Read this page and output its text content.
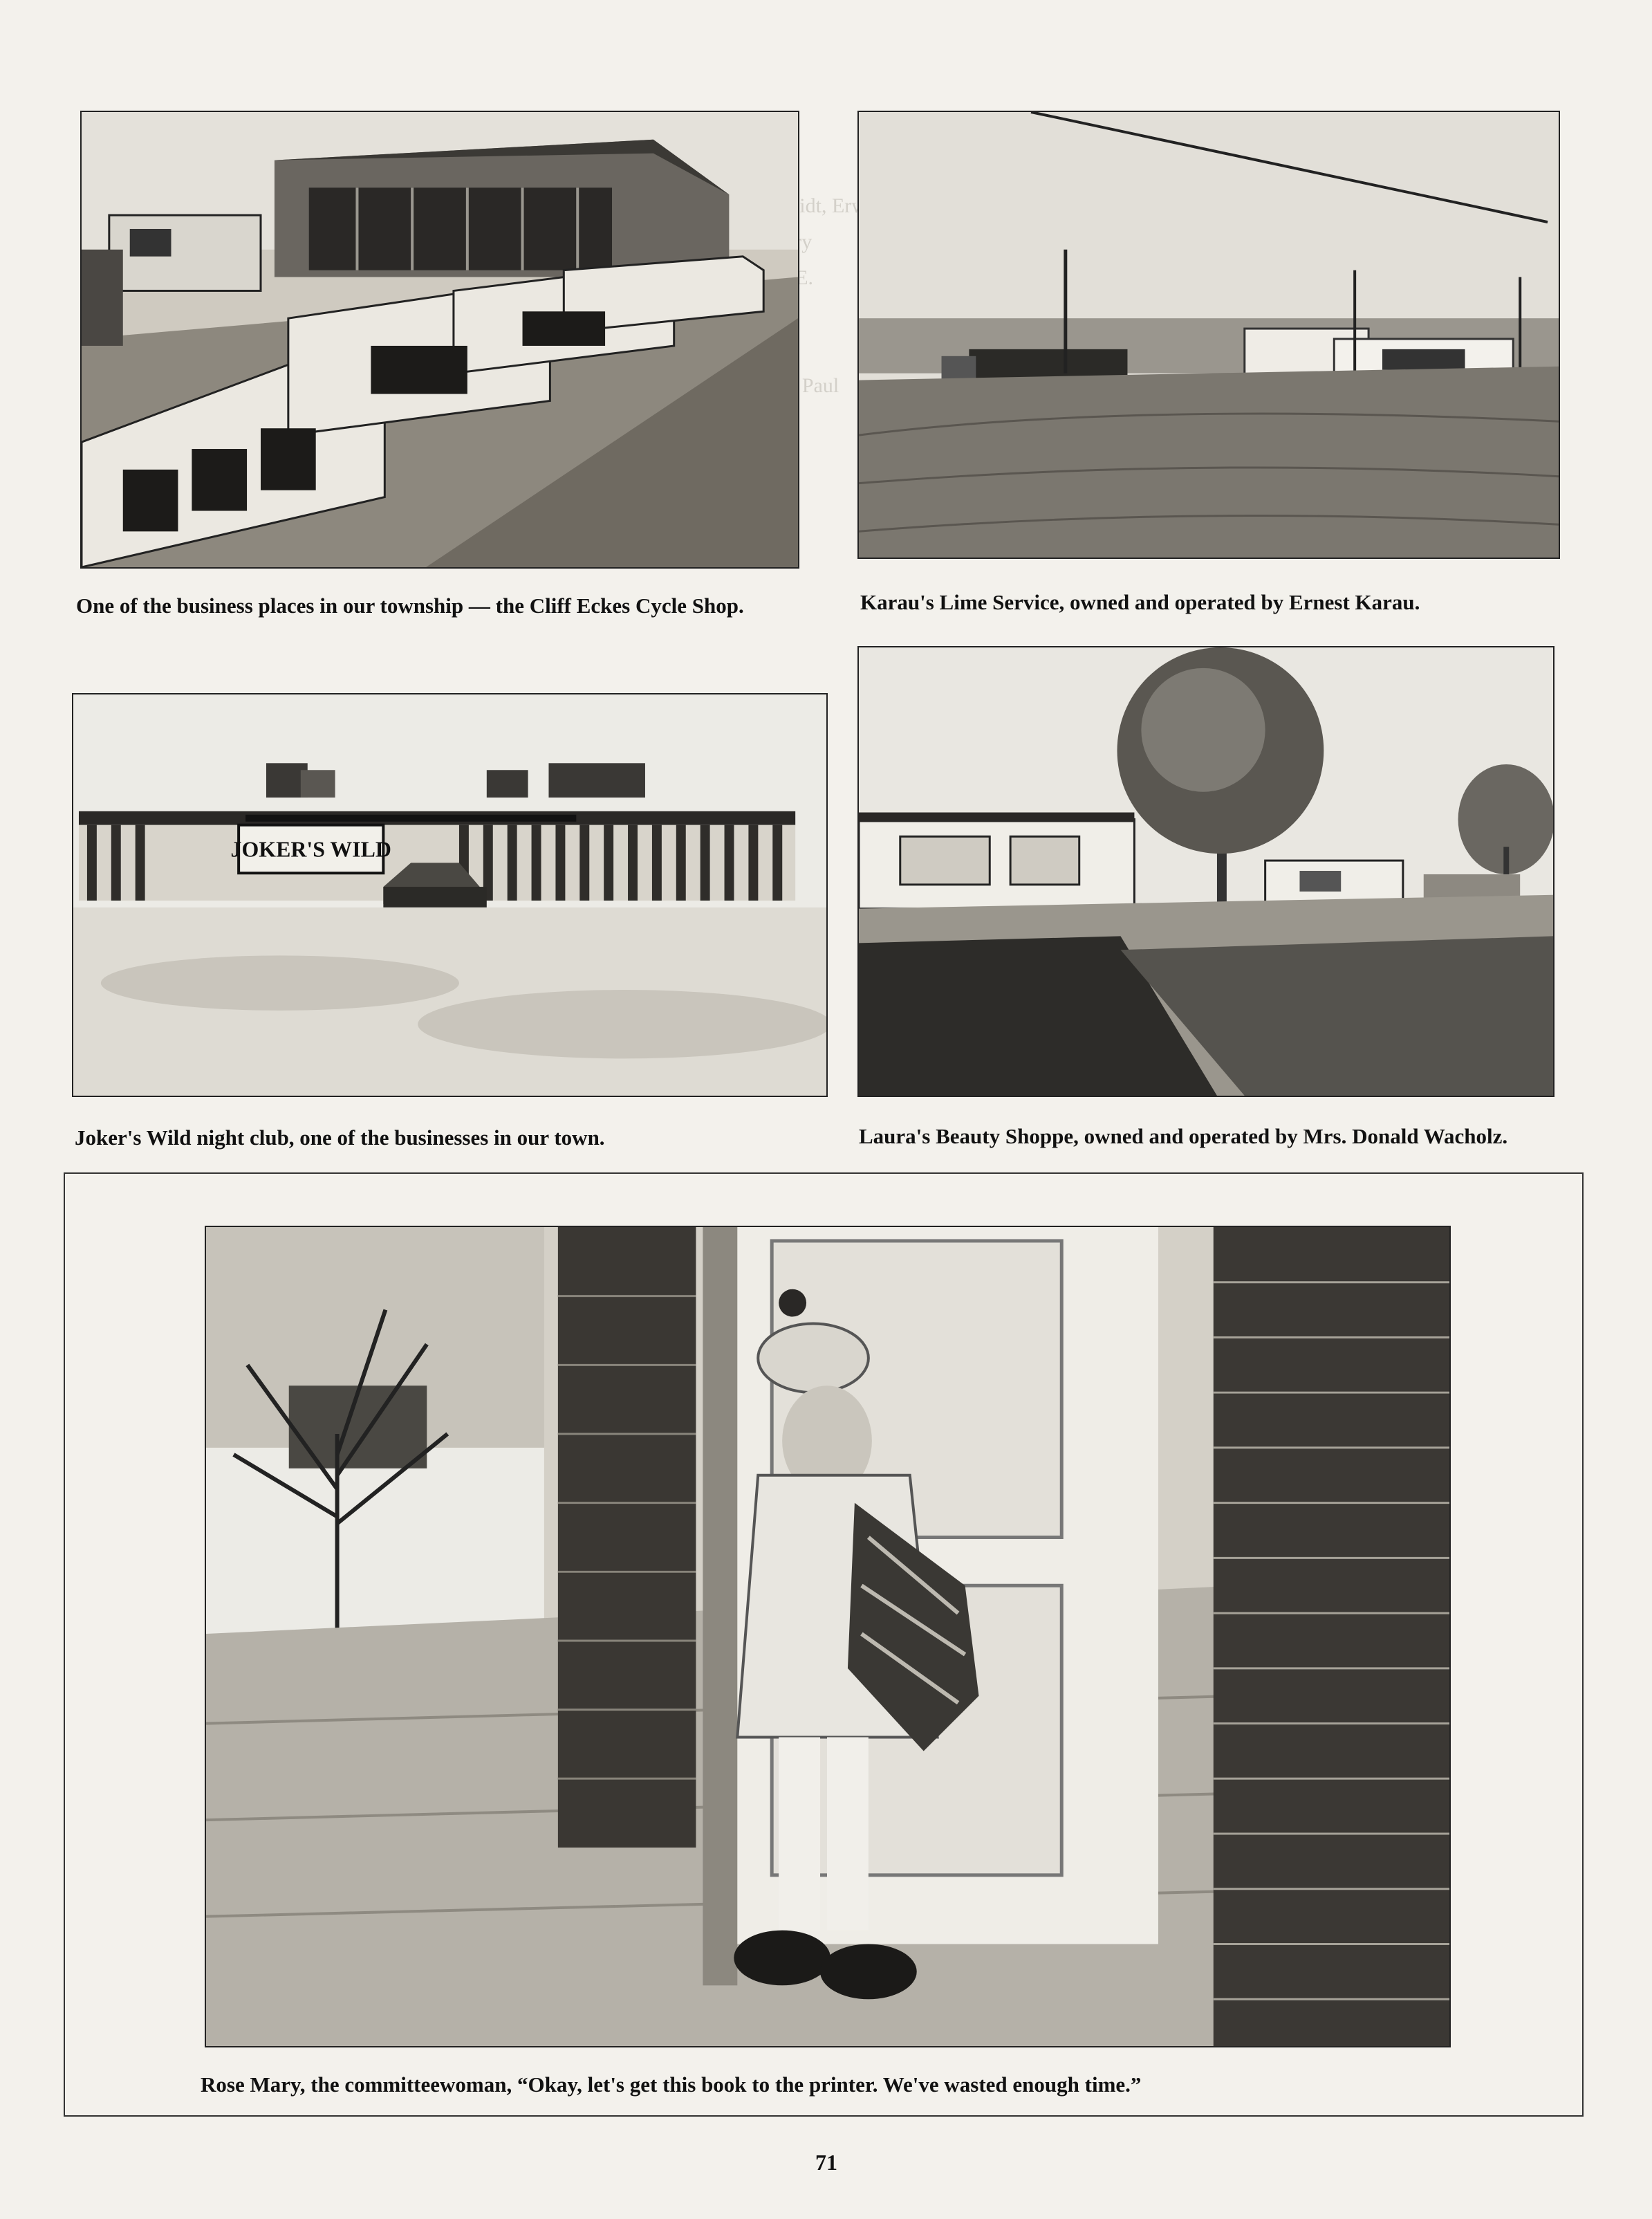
Erwin

E.

Paul

One of the business places in our township — the Cliff Eckes Cycle Shop.	Karau's Lime Service, owned and operated by Ernest Karau.
JOKER'S WILD
Joker's Wild night club, one of the businesses in our town.	Laura's Beauty Shoppe, owned and operated by Mrs. Donald Wacholz.
Rose Mary, the committeewoman, “Okay, let's get this book to the printer. We've wasted enough time.”
71
